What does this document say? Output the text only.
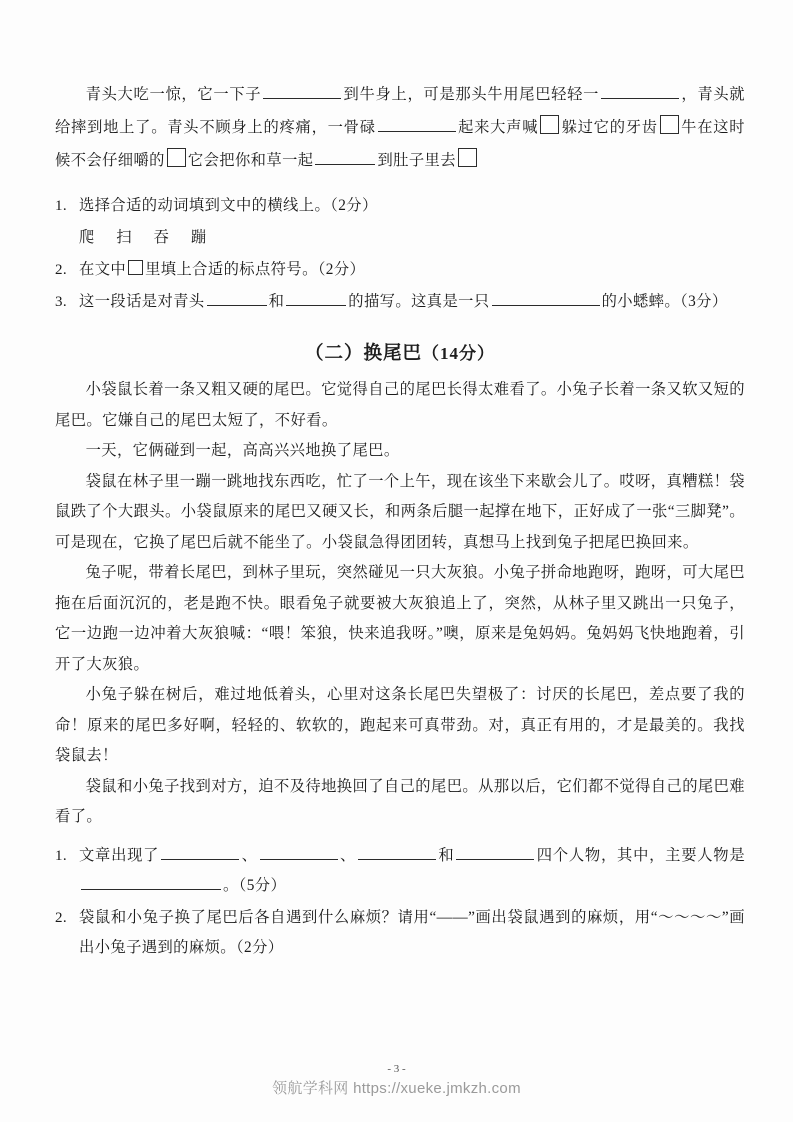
青头大吃一惊，它一下子	到牛身上，可是那头牛用尾巴轻轻一	，青头就给摔到地上了。青头不顾身上的疼痛，一骨碌	起来大声喊 躲过它的牙齿 牛在这时候不会仔细嚼的 它会把你和草一起	到肚子里去
1. 选择合适的动词填到文中的横线上。（2分）
爬扫吞蹦
2. 在文中 里填上合适的标点符号。（2分）
3. 这一段话是对青头	和	的描写。这真是一只	的小蟋蟀。（3分）
（二）换尾巴（14分）

小袋鼠长着一条又粗又硬的尾巴。它觉得自己的尾巴长得太难看了。小兔子长着一条又软又短的尾巴。它嫌自己的尾巴太短了，不好看。

一天，它俩碰到一起，高高兴兴地换了尾巴。

袋鼠在林子里一蹦一跳地找东西吃，忙了一个上午，现在该坐下来歇会儿了。哎呀，真糟糕！袋鼠跌了个大跟头。小袋鼠原来的尾巴又硬又长，和两条后腿一起撑在地下，正好成了一张“三脚凳”。可是现在，它换了尾巴后就不能坐了。小袋鼠急得团团转，真想马上找到兔子把尾巴换回来。

兔子呢，带着长尾巴，到林子里玩，突然碰见一只大灰狼。小兔子拼命地跑呀，跑呀，可大尾巴拖在后面沉沉的，老是跑不快。眼看兔子就要被大灰狼追上了，突然，从林子里又跳出一只兔子，它一边跑一边冲着大灰狼喊：“喂！笨狼，快来追我呀。”噢，原来是兔妈妈。兔妈妈飞快地跑着，引开了大灰狼。

小兔子躲在树后，难过地低着头，心里对这条长尾巴失望极了：讨厌的长尾巴，差点要了我的命！原来的尾巴多好啊，轻轻的、软软的，跑起来可真带劲。对，真正有用的，才是最美的。我找袋鼠去！

袋鼠和小兔子找到对方，迫不及待地换回了自己的尾巴。从那以后，它们都不觉得自己的尾巴难看了。

1. 文章出现了	、	、	和	四个人物，其中，主要人物是。（5分）
2. 袋鼠和小兔子换了尾巴后各自遇到什么麻烦？请用“——”画出袋鼠遇到的麻烦，用“〜〜〜〜”画出小兔子遇到的麻烦。（2分）
- 3 -
领航学科网 https://xueke.jmkzh.com
